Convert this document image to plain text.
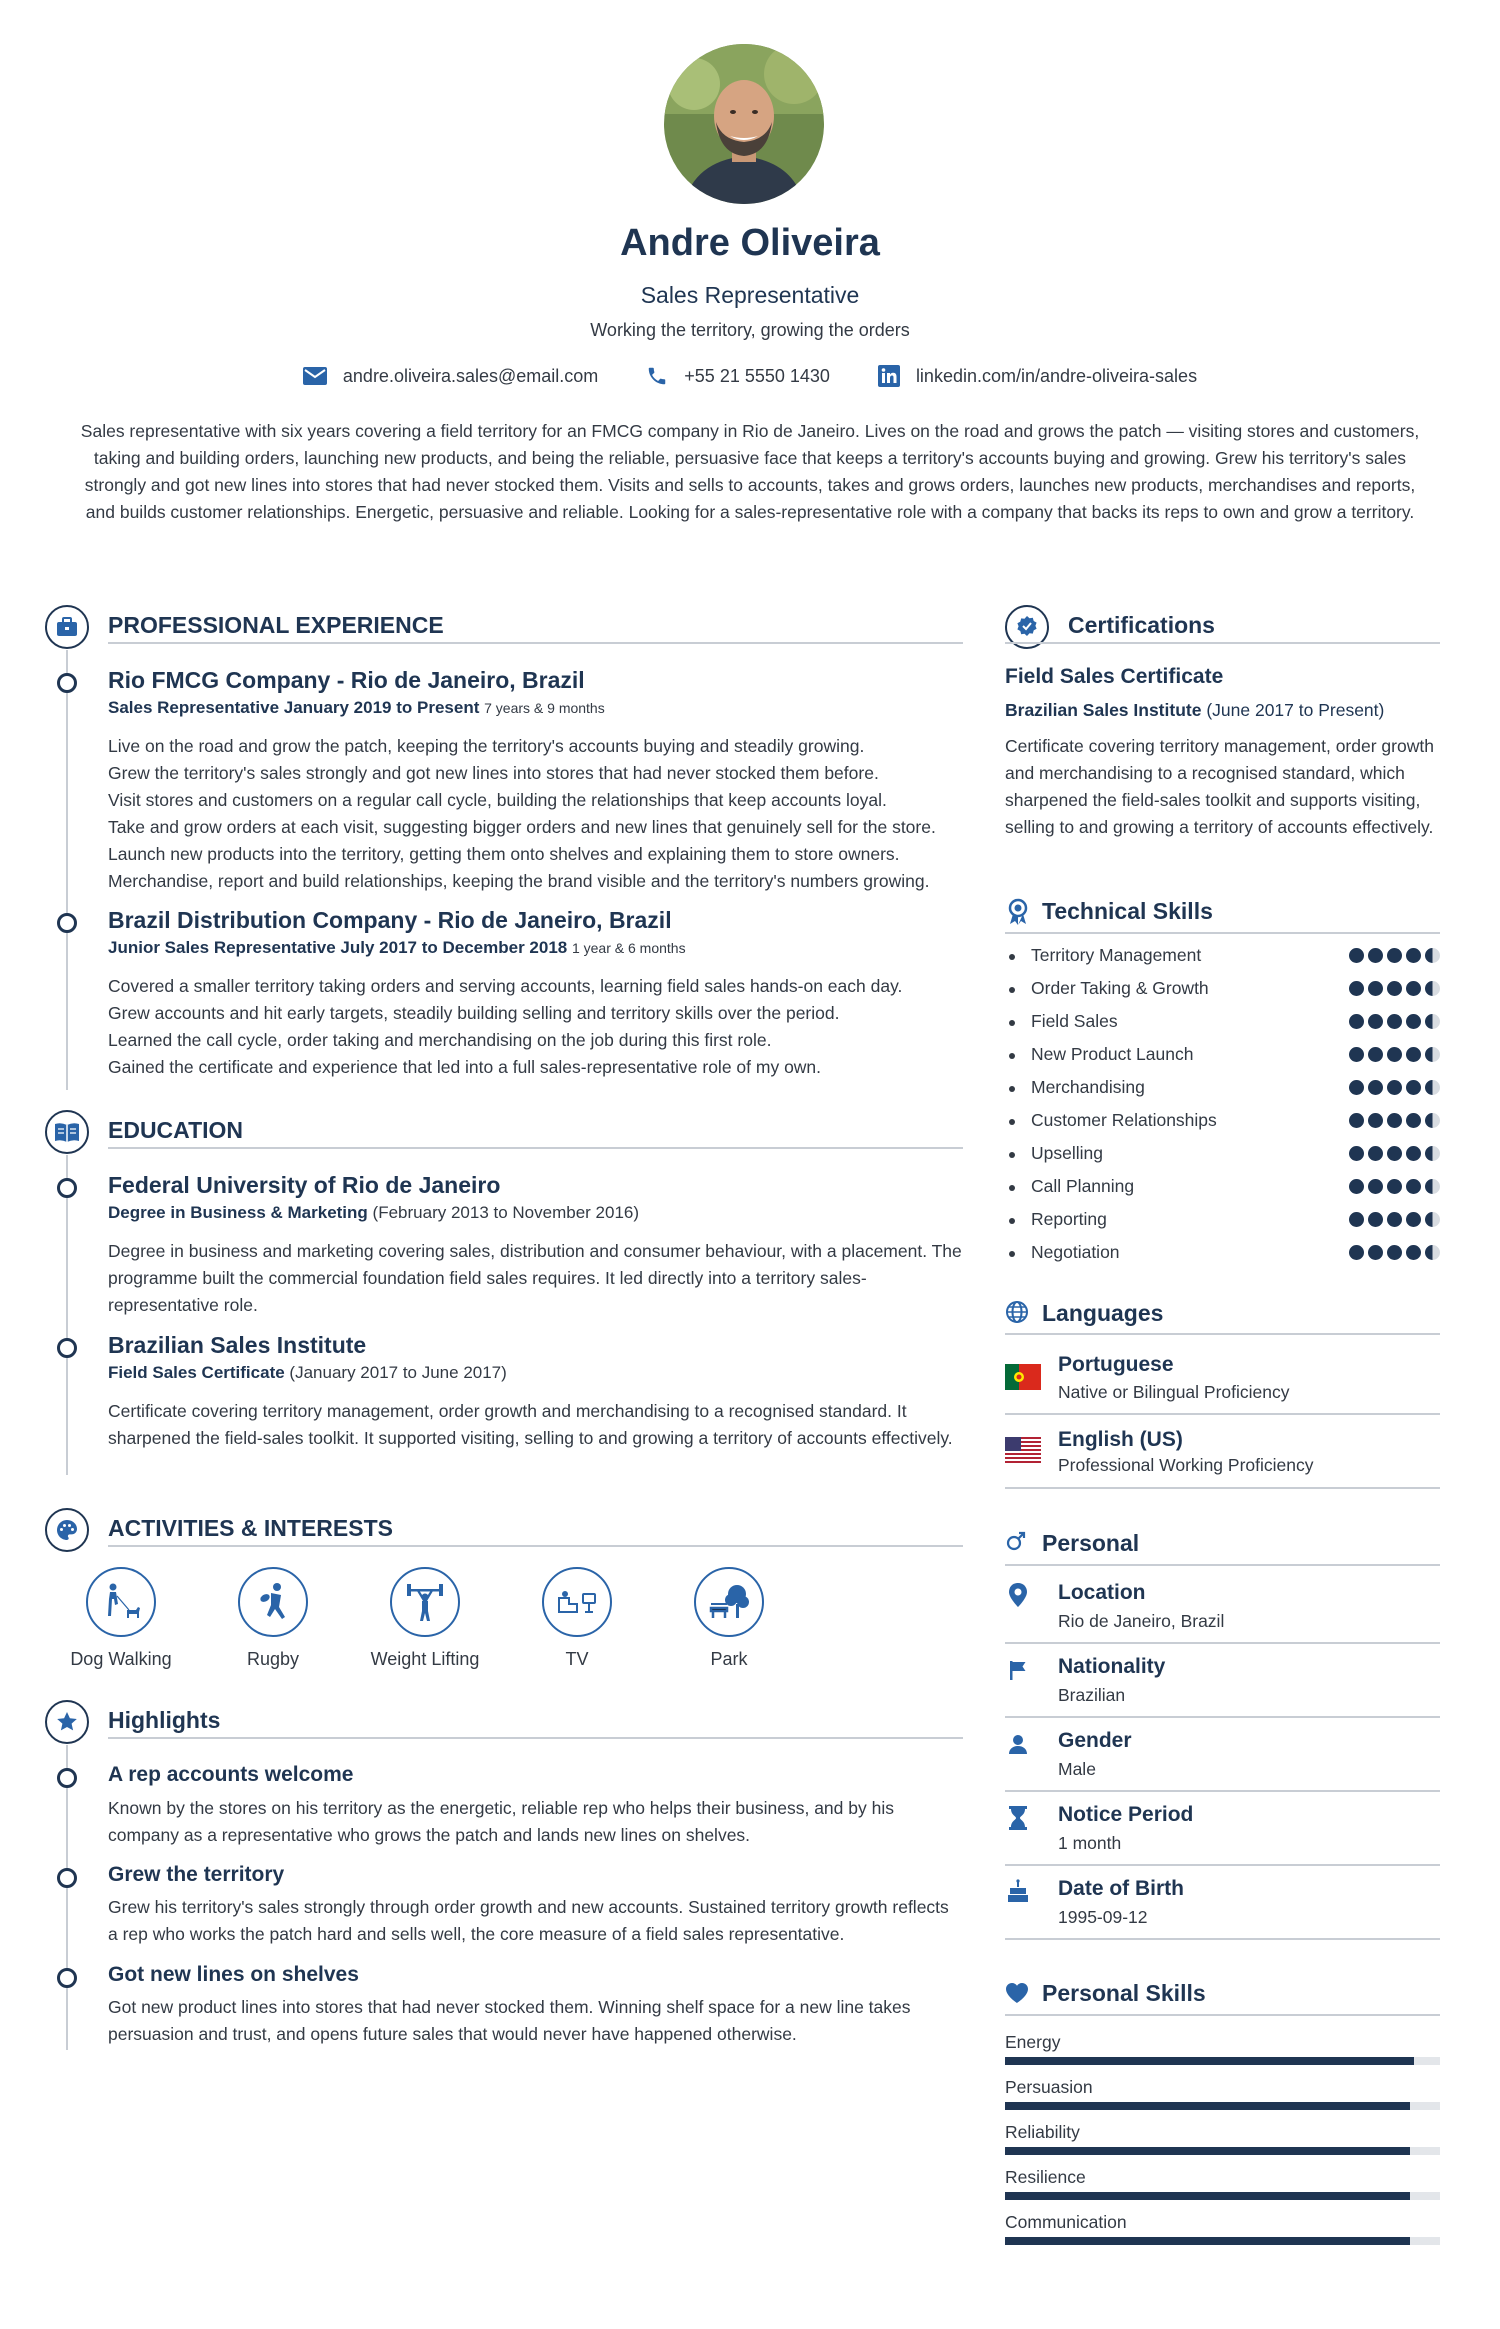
Andre Oliveira
Sales Representative
Working the territory, growing the orders
andre.oliveira.sales@email.com	+55 21 5550 1430	linkedin.com/in/andre-oliveira-sales
Sales representative with six years covering a field territory for an FMCG company in Rio de Janeiro. Lives on the road and grows the patch — visiting stores and customers, taking and building orders, launching new products, and being the reliable, persuasive face that keeps a territory's accounts buying and growing. Grew his territory's sales strongly and got new lines into stores that had never stocked them. Visits and sells to accounts, takes and grows orders, launches new products, merchandises and reports, and builds customer relationships. Energetic, persuasive and reliable. Looking for a sales-representative role with a company that backs its reps to own and grow a territory.
PROFESSIONAL EXPERIENCE
Rio FMCG Company - Rio de Janeiro, Brazil
Sales Representative January 2019 to Present 7 years & 9 months
Live on the road and grow the patch, keeping the territory's accounts buying and steadily growing.
Grew the territory's sales strongly and got new lines into stores that had never stocked them before.
Visit stores and customers on a regular call cycle, building the relationships that keep accounts loyal.
Take and grow orders at each visit, suggesting bigger orders and new lines that genuinely sell for the store.
Launch new products into the territory, getting them onto shelves and explaining them to store owners.
Merchandise, report and build relationships, keeping the brand visible and the territory's numbers growing.
Brazil Distribution Company - Rio de Janeiro, Brazil
Junior Sales Representative July 2017 to December 2018 1 year & 6 months
Covered a smaller territory taking orders and serving accounts, learning field sales hands-on each day.
Grew accounts and hit early targets, steadily building selling and territory skills over the period.
Learned the call cycle, order taking and merchandising on the job during this first role.
Gained the certificate and experience that led into a full sales-representative role of my own.
EDUCATION
Federal University of Rio de Janeiro
Degree in Business & Marketing (February 2013 to November 2016)
Degree in business and marketing covering sales, distribution and consumer behaviour, with a placement. The programme built the commercial foundation field sales requires. It led directly into a territory sales-representative role.
Brazilian Sales Institute
Field Sales Certificate (January 2017 to June 2017)
Certificate covering territory management, order growth and merchandising to a recognised standard. It sharpened the field-sales toolkit. It supported visiting, selling to and growing a territory of accounts effectively.
ACTIVITIES & INTERESTS
Dog Walking	Rugby	Weight Lifting	TV	Park
Highlights
A rep accounts welcome
Known by the stores on his territory as the energetic, reliable rep who helps their business, and by his company as a representative who grows the patch and lands new lines on shelves.
Grew the territory
Grew his territory's sales strongly through order growth and new accounts. Sustained territory growth reflects a rep who works the patch hard and sells well, the core measure of a field sales representative.
Got new lines on shelves
Got new product lines into stores that had never stocked them. Winning shelf space for a new line takes persuasion and trust, and opens future sales that would never have happened otherwise.
Certifications
Field Sales Certificate
Brazilian Sales Institute (June 2017 to Present)
Certificate covering territory management, order growth and merchandising to a recognised standard, which sharpened the field-sales toolkit and supports visiting, selling to and growing a territory of accounts effectively.
Technical Skills
Territory Management
Order Taking & Growth
Field Sales
New Product Launch
Merchandising
Customer Relationships
Upselling
Call Planning
Reporting
Negotiation
Languages
Portuguese
Native or Bilingual Proficiency
English (US)
Professional Working Proficiency
Personal
Location
Rio de Janeiro, Brazil
Nationality
Brazilian
Gender
Male
Notice Period
1 month
Date of Birth
1995-09-12
Personal Skills
Energy
Persuasion
Reliability
Resilience
Communication
